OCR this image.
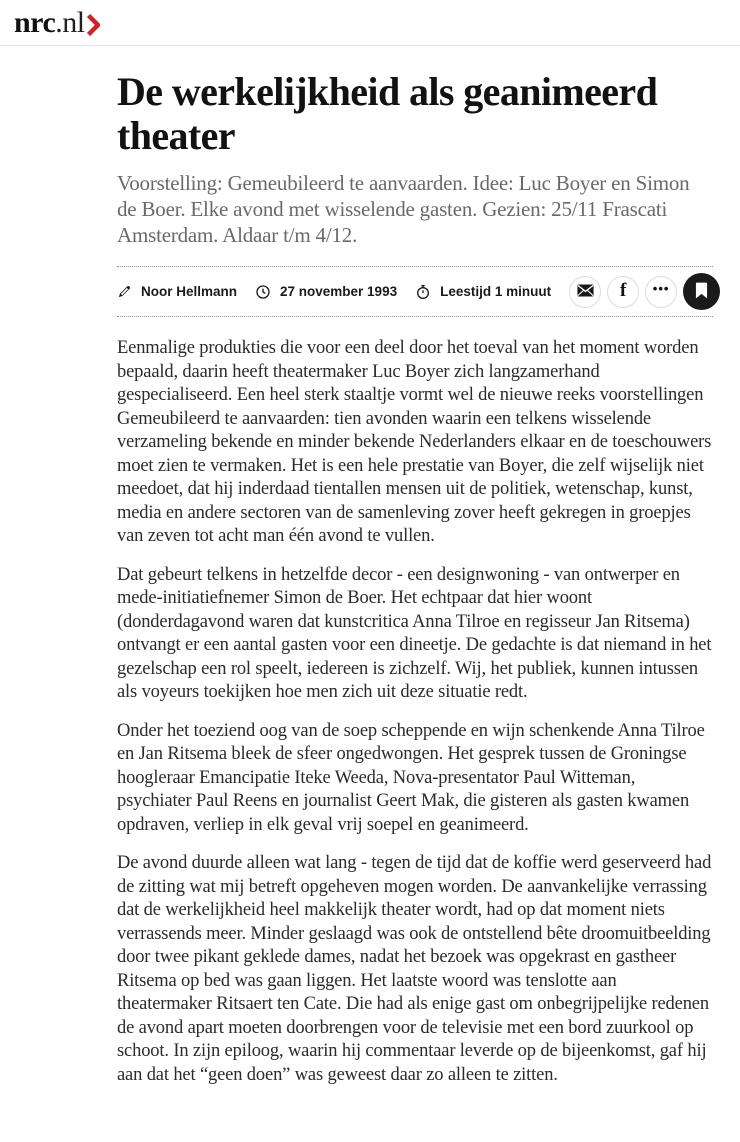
nrc .nl
De werkelijkheid als geanimeerd theater

Voorstelling: Gemeubileerd te aanvaarden. Idee: Luc Boyer en Simon de Boer. Elke avond met wisselende gasten. Gezien: 25/11 Frascati Amsterdam. Aldaar t/m 4/12.

Noor Hellmann	27 november 1993	Leestijd 1 minuut	f •••

Eenmalige produkties die voor een deel door het toeval van het moment worden bepaald, daarin heeft theatermaker Luc Boyer zich langzamerhand gespecialiseerd. Een heel sterk staaltje vormt wel de nieuwe reeks voorstellingen Gemeubileerd te aanvaarden: tien avonden waarin een telkens wisselende verzameling bekende en minder bekende Nederlanders elkaar en de toeschouwers moet zien te vermaken. Het is een hele prestatie van Boyer, die zelf wijselijk niet meedoet, dat hij inderdaad tientallen mensen uit de politiek, wetenschap, kunst, media en andere sectoren van de samenleving zover heeft gekregen in groepjes van zeven tot acht man één avond te vullen.

Dat gebeurt telkens in hetzelfde decor - een designwoning - van ontwerper en mede-initiatiefnemer Simon de Boer. Het echtpaar dat hier woont (donderdagavond waren dat kunstcritica Anna Tilroe en regisseur Jan Ritsema) ontvangt er een aantal gasten voor een dineetje. De gedachte is dat niemand in het gezelschap een rol speelt, iedereen is zichzelf. Wij, het publiek, kunnen intussen als voyeurs toekijken hoe men zich uit deze situatie redt.

Onder het toeziend oog van de soep scheppende en wijn schenkende Anna Tilroe en Jan Ritsema bleek de sfeer ongedwongen. Het gesprek tussen de Groningse hoogleraar Emancipatie Iteke Weeda, Nova-presentator Paul Witteman, psychiater Paul Reens en journalist Geert Mak, die gisteren als gasten kwamen opdraven, verliep in elk geval vrij soepel en geanimeerd.

De avond duurde alleen wat lang - tegen de tijd dat de koffie werd geserveerd had de zitting wat mij betreft opgeheven mogen worden. De aanvankelijke verrassing dat de werkelijkheid heel makkelijk theater wordt, had op dat moment niets verrassends meer. Minder geslaagd was ook de ontstellend bête droomuitbeelding door twee pikant geklede dames, nadat het bezoek was opgekrast en gastheer Ritsema op bed was gaan liggen. Het laatste woord was tenslotte aan theatermaker Ritsaert ten Cate. Die had als enige gast om onbegrijpelijke redenen de avond apart moeten doorbrengen voor de televisie met een bord zuurkool op schoot. In zijn epiloog, waarin hij commentaar leverde op de bijeenkomst, gaf hij aan dat het “geen doen” was geweest daar zo alleen te zitten.
